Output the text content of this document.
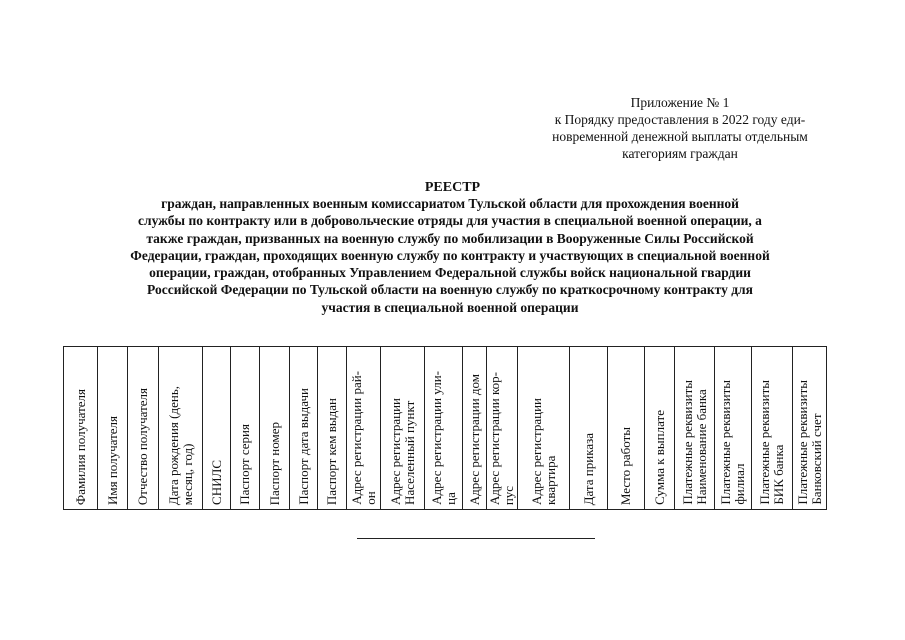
Приложение № 1
к Порядку предоставления в 2022 году еди-
новременной денежной выплаты отдельным
категориям граждан
РЕЕСТР
граждан, направленных военным комиссариатом Тульской области для прохождения военной
службы по контракту или в добровольческие отряды для участия в специальной военной операции, а
также граждан, призванных на военную службу по мобилизации в Вооруженные Силы Российской
Федерации, граждан, проходящих военную службу по контракту и участвующих в специальной военной
операции, граждан, отобранных Управлением Федеральной службы войск национальной гвардии
Российской Федерации по Тульской области на военную службу по краткосрочному контракту для
участия в специальной военной операции
Фамилия получателя	Имя получателя	Отчество получателя	Дата рождения (день, месяц, год)	СНИЛС	Паспорт серия	Паспорт номер	Паспорт дата выдачи	Паспорт кем выдан	Адрес регистрации рай- он	Адрес регистрации Населенный пункт	Адрес регистрации ули- ца	Адрес регистрации дом	Адрес регистрации кор- пус	Адрес регистрации квартира	Дата приказа	Место работы	Сумма к выплате	Платежные реквизиты Наименование банка	Платежные реквизиты филиал	Платежные реквизиты БИК банка	Платежные реквизиты Банковский счет
